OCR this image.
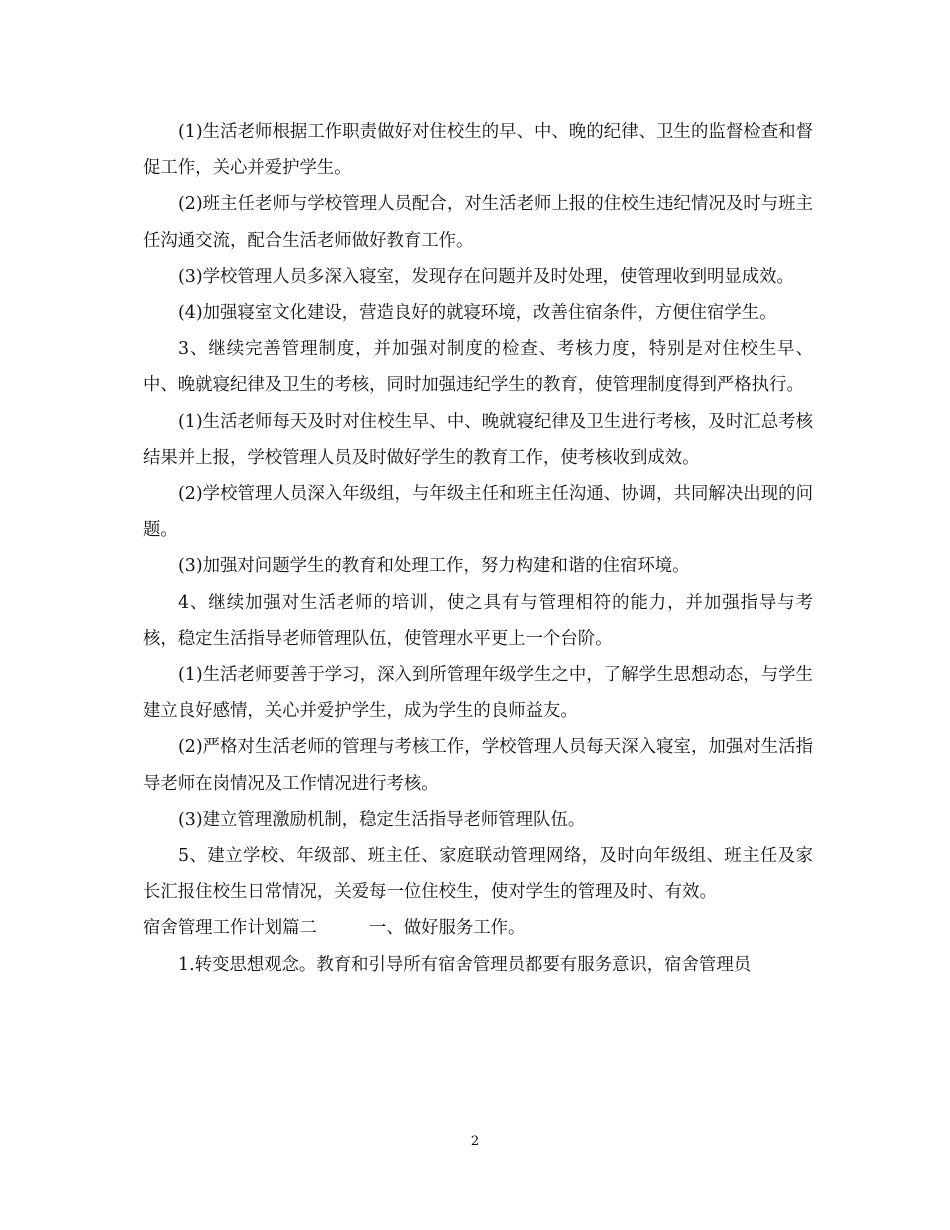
(1)生活老师根据工作职责做好对住校生的早、中、晚的纪律、卫生的监督检查和督促工作，关心并爱护学生。

(2)班主任老师与学校管理人员配合，对生活老师上报的住校生违纪情况及时与班主任沟通交流，配合生活老师做好教育工作。

(3)学校管理人员多深入寝室，发现存在问题并及时处理，使管理收到明显成效。

(4)加强寝室文化建设，营造良好的就寝环境，改善住宿条件，方便住宿学生。

3、继续完善管理制度，并加强对制度的检查、考核力度，特别是对住校生早、中、晚就寝纪律及卫生的考核，同时加强违纪学生的教育，使管理制度得到严格执行。

(1)生活老师每天及时对住校生早、中、晚就寝纪律及卫生进行考核，及时汇总考核结果并上报，学校管理人员及时做好学生的教育工作，使考核收到成效。

(2)学校管理人员深入年级组，与年级主任和班主任沟通、协调，共同解决出现的问题。

(3)加强对问题学生的教育和处理工作，努力构建和谐的住宿环境。

4、继续加强对生活老师的培训，使之具有与管理相符的能力，并加强指导与考核，稳定生活指导老师管理队伍，使管理水平更上一个台阶。

(1)生活老师要善于学习，深入到所管理年级学生之中，了解学生思想动态，与学生建立良好感情，关心并爱护学生，成为学生的良师益友。

(2)严格对生活老师的管理与考核工作，学校管理人员每天深入寝室，加强对生活指导老师在岗情况及工作情况进行考核。

(3)建立管理激励机制，稳定生活指导老师管理队伍。

5、建立学校、年级部、班主任、家庭联动管理网络，及时向年级组、班主任及家长汇报住校生日常情况，关爱每一位住校生，使对学生的管理及时、有效。

宿舍管理工作计划篇二	一、做好服务工作。

1.转变思想观念。教育和引导所有宿舍管理员都要有服务意识，宿舍管理员

2
